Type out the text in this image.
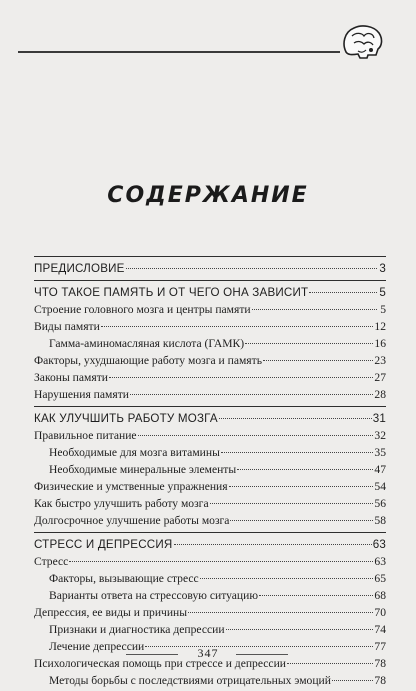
СОДЕРЖАНИЕ
ПРЕДИСЛОВИЕ	3
ЧТО ТАКОЕ ПАМЯТЬ И ОТ ЧЕГО ОНА ЗАВИСИТ	5
Строение головного мозга и центры памяти	5
Виды памяти	12
Гамма-аминомасляная кислота (ГАМК)	16
Факторы, ухудшающие работу мозга и память	23
Законы памяти	27
Нарушения памяти	28
КАК УЛУЧШИТЬ РАБОТУ МОЗГА	31
Правильное питание	32
Необходимые для мозга витамины	35
Необходимые минеральные элементы	47
Физические и умственные упражнения	54
Как быстро улучшить работу мозга	56
Долгосрочное улучшение работы мозга	58
СТРЕСС И ДЕПРЕССИЯ	63
Стресс	63
Факторы, вызывающие стресс	65
Варианты ответа на стрессовую ситуацию	68
Депрессия, ее виды и причины	70
Признаки и диагностика депрессии	74
Лечение депрессии	77
Психологическая помощь при стрессе и депрессии	78
Методы борьбы с последствиями отрицательных эмоций	78
347
